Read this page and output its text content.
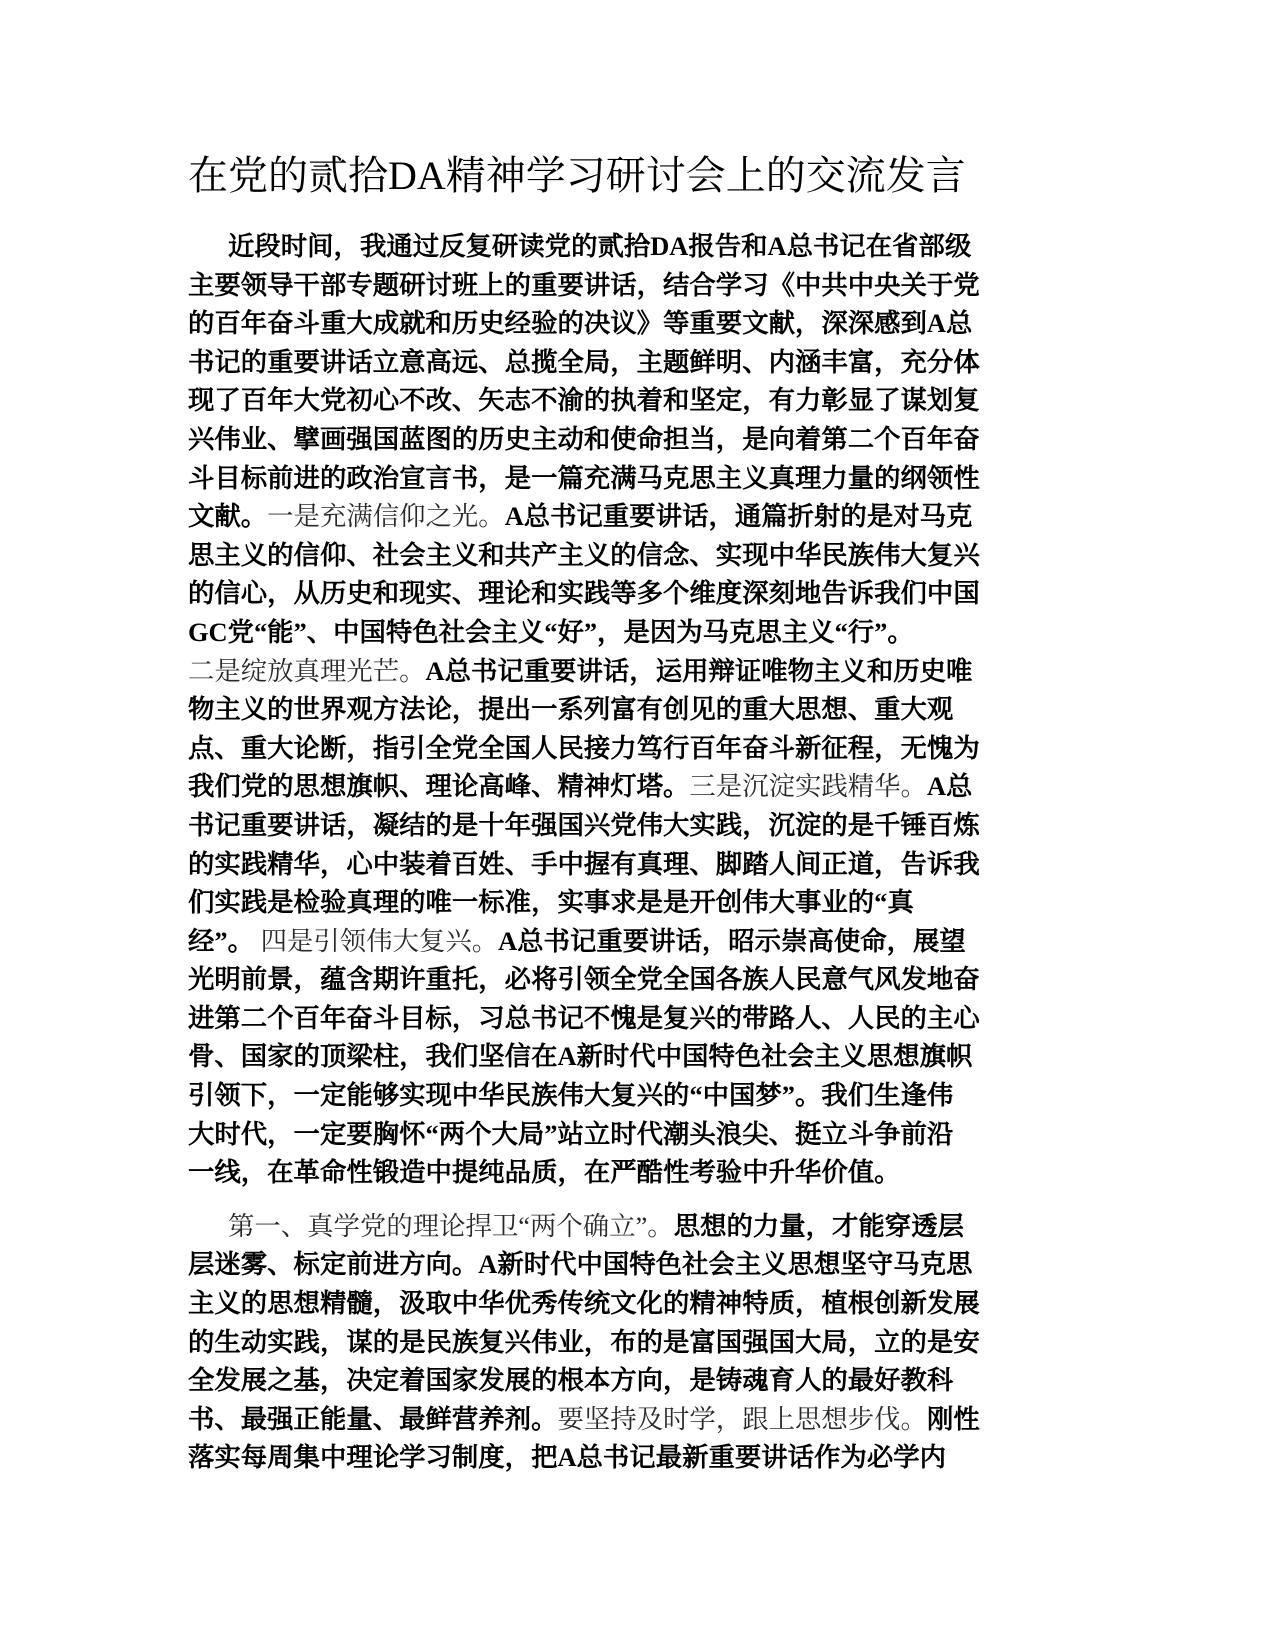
在党的贰拾DA精神学习研讨会上的交流发言
近段时间，我通过反复研读党的贰拾DA报告和A总书记在省部级
主要领导干部专题研讨班上的重要讲话，结合学习《中共中央关于党
的百年奋斗重大成就和历史经验的决议》等重要文献，深深感到A总
书记的重要讲话立意高远、总揽全局，主题鲜明、内涵丰富，充分体
现了百年大党初心不改、矢志不渝的执着和坚定，有力彰显了谋划复
兴伟业、擘画强国蓝图的历史主动和使命担当，是向着第二个百年奋
斗目标前进的政治宣言书，是一篇充满马克思主义真理力量的纲领性
文献。一是充满信仰之光。A总书记重要讲话，通篇折射的是对马克
思主义的信仰、社会主义和共产主义的信念、实现中华民族伟大复兴
的信心，从历史和现实、理论和实践等多个维度深刻地告诉我们中国
GC党“能”、中国特色社会主义“好”，是因为马克思主义“行”。
二是绽放真理光芒。A总书记重要讲话，运用辩证唯物主义和历史唯
物主义的世界观方法论，提出一系列富有创见的重大思想、重大观
点、重大论断，指引全党全国人民接力笃行百年奋斗新征程，无愧为
我们党的思想旗帜、理论高峰、精神灯塔。三是沉淀实践精华。A总
书记重要讲话，凝结的是十年强国兴党伟大实践，沉淀的是千锤百炼
的实践精华，心中装着百姓、手中握有真理、脚踏人间正道，告诉我
们实践是检验真理的唯一标准，实事求是是开创伟大事业的“真
经”。 四是引领伟大复兴。A总书记重要讲话，昭示崇高使命，展望
光明前景，蕴含期许重托，必将引领全党全国各族人民意气风发地奋
进第二个百年奋斗目标，习总书记不愧是复兴的带路人、人民的主心
骨、国家的顶梁柱，我们坚信在A新时代中国特色社会主义思想旗帜
引领下，一定能够实现中华民族伟大复兴的“中国梦”。我们生逢伟
大时代，一定要胸怀“两个大局”站立时代潮头浪尖、挺立斗争前沿
一线，在革命性锻造中提纯品质，在严酷性考验中升华价值。
第一、真学党的理论捍卫“两个确立”。思想的力量，才能穿透层
层迷雾、标定前进方向。A新时代中国特色社会主义思想坚守马克思
主义的思想精髓，汲取中华优秀传统文化的精神特质，植根创新发展
的生动实践，谋的是民族复兴伟业，布的是富国强国大局，立的是安
全发展之基，决定着国家发展的根本方向，是铸魂育人的最好教科
书、最强正能量、最鲜营养剂。要坚持及时学，跟上思想步伐。刚性
落实每周集中理论学习制度，把A总书记最新重要讲话作为必学内
